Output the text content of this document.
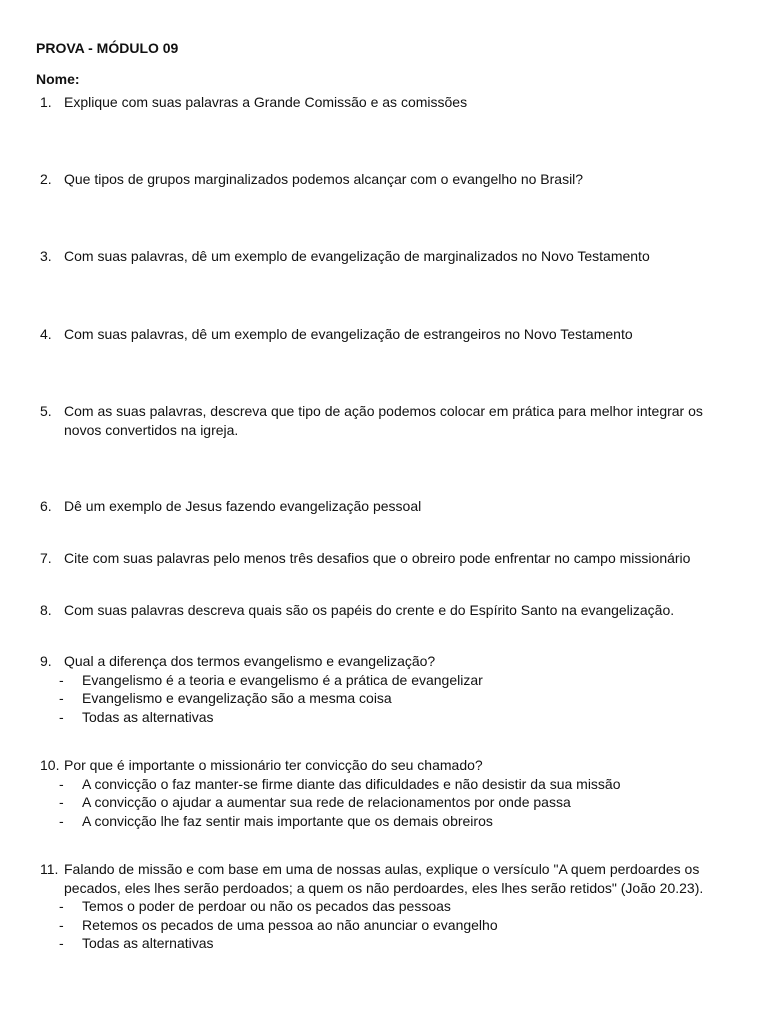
PROVA - MÓDULO 09
Nome:
1. Explique com suas palavras a Grande Comissão e as comissões
2. Que tipos de grupos marginalizados podemos alcançar com o evangelho no Brasil?
3. Com suas palavras, dê um exemplo de evangelização de marginalizados no Novo Testamento
4. Com suas palavras, dê um exemplo de evangelização de estrangeiros no Novo Testamento
5. Com as suas palavras, descreva que tipo de ação podemos colocar em prática para melhor integrar os novos convertidos na igreja.
6. Dê um exemplo de Jesus fazendo evangelização pessoal
7. Cite com suas palavras pelo menos três desafios que o obreiro pode enfrentar no campo missionário
8. Com suas palavras descreva quais são os papéis do crente e do Espírito Santo na evangelização.
9. Qual a diferença dos termos evangelismo e evangelização?
- Evangelismo é a teoria e evangelismo é a prática de evangelizar
- Evangelismo e evangelização são a mesma coisa
- Todas as alternativas
10. Por que é importante o missionário ter convicção do seu chamado?
- A convicção o faz manter-se firme diante das dificuldades e não desistir da sua missão
- A convicção o ajudar a aumentar sua rede de relacionamentos por onde passa
- A convicção lhe faz sentir mais importante que os demais obreiros
11. Falando de missão e com base em uma de nossas aulas, explique o versículo "A quem perdoardes os pecados, eles lhes serão perdoados; a quem os não perdoardes, eles lhes serão retidos" (João 20.23).
- Temos o poder de perdoar ou não os pecados das pessoas
- Retemos os pecados de uma pessoa ao não anunciar o evangelho
- Todas as alternativas
